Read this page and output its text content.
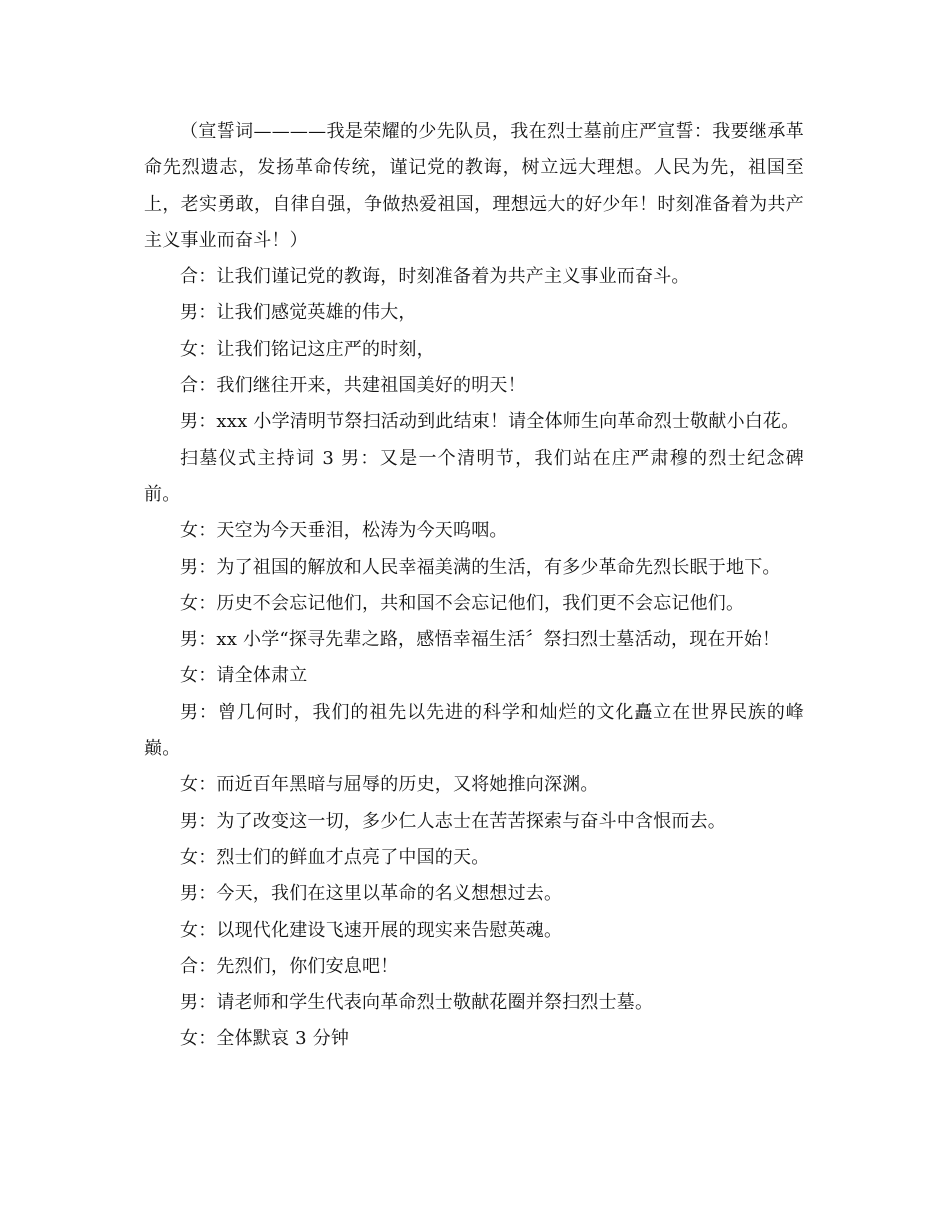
（宣誓词————我是荣耀的少先队员，我在烈士墓前庄严宣誓：我要继承革命先烈遗志，发扬革命传统，谨记党的教诲，树立远大理想。人民为先，祖国至上，老实勇敢，自律自强，争做热爱祖国，理想远大的好少年！时刻准备着为共产主义事业而奋斗！）

合：让我们谨记党的教诲，时刻准备着为共产主义事业而奋斗。

男：让我们感觉英雄的伟大，

女：让我们铭记这庄严的时刻，

合：我们继往开来，共建祖国美好的明天！

男：xxx 小学清明节祭扫活动到此结束！请全体师生向革命烈士敬献小白花。

扫墓仪式主持词 3 男：又是一个清明节，我们站在庄严肃穆的烈士纪念碑前。

女：天空为今天垂泪，松涛为今天呜咽。

男：为了祖国的解放和人民幸福美满的生活，有多少革命先烈长眠于地下。

女：历史不会忘记他们，共和国不会忘记他们，我们更不会忘记他们。

男：xx 小学“探寻先辈之路，感悟幸福生活〞祭扫烈士墓活动，现在开始！

女：请全体肃立

男：曾几何时，我们的祖先以先进的科学和灿烂的文化矗立在世界民族的峰巅。

女：而近百年黑暗与屈辱的历史，又将她推向深渊。

男：为了改变这一切，多少仁人志士在苦苦探索与奋斗中含恨而去。

女：烈士们的鲜血才点亮了中国的天。

男：今天，我们在这里以革命的名义想想过去。

女：以现代化建设飞速开展的现实来告慰英魂。

合：先烈们，你们安息吧！

男：请老师和学生代表向革命烈士敬献花圈并祭扫烈士墓。

女：全体默哀 3 分钟
